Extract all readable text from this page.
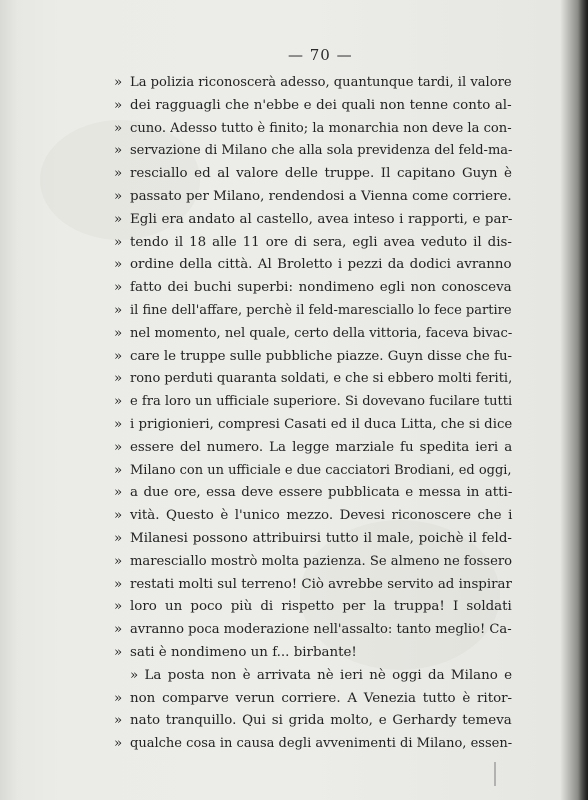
— 70 —
» La polizia riconoscerà adesso, quantunque tardi, il valore
» dei ragguagli che n'ebbe e dei quali non tenne conto al-
» cuno. Adesso tutto è finito; la monarchia non deve la con-
» servazione di Milano che alla sola previdenza del feld-ma-
» resciallo ed al valore delle truppe. Il capitano Guyn è
» passato per Milano, rendendosi a Vienna come corriere.
» Egli era andato al castello, avea inteso i rapporti, e par-
» tendo il 18 alle 11 ore di sera, egli avea veduto il dis-
» ordine della città. Al Broletto i pezzi da dodici avranno
» fatto dei buchi superbi: nondimeno egli non conosceva
» il fine dell'affare, perchè il feld-maresciallo lo fece partire
» nel momento, nel quale, certo della vittoria, faceva bivac-
» care le truppe sulle pubbliche piazze. Guyn disse che fu-
» rono perduti quaranta soldati, e che si ebbero molti feriti,
» e fra loro un ufficiale superiore. Si dovevano fucilare tutti
» i prigionieri, compresi Casati ed il duca Litta, che si dice
» essere del numero. La legge marziale fu spedita ieri a
» Milano con un ufficiale e due cacciatori Brodiani, ed oggi,
» a due ore, essa deve essere pubblicata e messa in atti-
» vità. Questo è l'unico mezzo. Devesi riconoscere che i
» Milanesi possono attribuirsi tutto il male, poichè il feld-
» maresciallo mostrò molta pazienza. Se almeno ne fossero
» restati molti sul terreno! Ciò avrebbe servito ad inspirar
» loro un poco più di rispetto per la truppa! I soldati
» avranno poca moderazione nell'assalto: tanto meglio! Ca-
» sati è nondimeno un f... birbante!
» La posta non è arrivata nè ieri nè oggi da Milano e
» non comparve verun corriere. A Venezia tutto è ritor-
» nato tranquillo. Qui si grida molto, e Gerhardy temeva
» qualche cosa in causa degli avvenimenti di Milano, essen-
